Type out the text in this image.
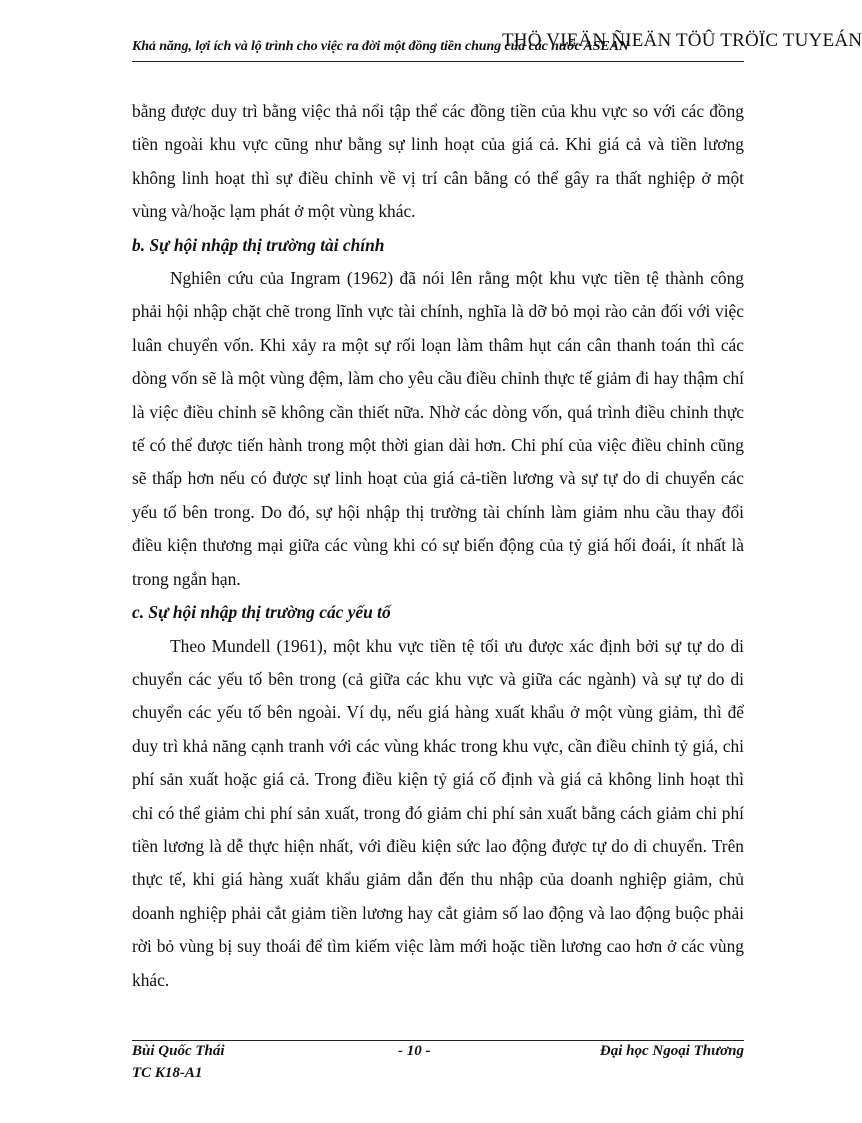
Khả năng, lợi ích và lộ trình cho việc ra đời một đồng tiền chung của các nước ASEAN
THÖ VIEÄN ÑIEÄN TÖÛ TRÖÏC TUYEÁN

bằng được duy trì bằng việc thả nổi tập thể các đồng tiền của khu vực so với các đồng tiền ngoài khu vực cũng như bằng sự linh hoạt của giá cả. Khi giá cả và tiền lương không linh hoạt thì sự điều chỉnh về vị trí cân bằng có thể gây ra thất nghiệp ở một vùng và/hoặc lạm phát ở một vùng khác.

b. Sự hội nhập thị trường tài chính

Nghiên cứu của Ingram (1962) đã nói lên rằng một khu vực tiền tệ thành công phải hội nhập chặt chẽ trong lĩnh vực tài chính, nghĩa là dỡ bỏ mọi rào cản đối với việc luân chuyển vốn. Khi xảy ra một sự rối loạn làm thâm hụt cán cân thanh toán thì các dòng vốn sẽ là một vùng đệm, làm cho yêu cầu điều chỉnh thực tế giảm đi hay thậm chí là việc điều chỉnh sẽ không cần thiết nữa. Nhờ các dòng vốn, quá trình điều chỉnh thực tế có thể được tiến hành trong một thời gian dài hơn. Chi phí của việc điều chỉnh cũng sẽ thấp hơn nếu có được sự linh hoạt của giá cả-tiền lương và sự tự do di chuyển các yếu tố bên trong. Do đó, sự hội nhập thị trường tài chính làm giảm nhu cầu thay đổi điều kiện thương mại giữa các vùng khi có sự biến động của tỷ giá hối đoái, ít nhất là trong ngắn hạn.

c. Sự hội nhập thị trường các yếu tố

Theo Mundell (1961), một khu vực tiền tệ tối ưu được xác định bởi sự tự do di chuyển các yếu tố bên trong (cả giữa các khu vực và giữa các ngành) và sự tự do di chuyển các yếu tố bên ngoài. Ví dụ, nếu giá hàng xuất khẩu ở một vùng giảm, thì để duy trì khả năng cạnh tranh với các vùng khác trong khu vực, cần điều chỉnh tỷ giá, chi phí sản xuất hoặc giá cả. Trong điều kiện tỷ giá cố định và giá cả không linh hoạt thì chỉ có thể giảm chi phí sản xuất, trong đó giảm chi phí sản xuất bằng cách giảm chi phí tiền lương là dễ thực hiện nhất, với điều kiện sức lao động được tự do di chuyển. Trên thực tế, khi giá hàng xuất khẩu giảm dẫn đến thu nhập của doanh nghiệp giảm, chủ doanh nghiệp phải cắt giảm tiền lương hay cắt giảm số lao động và lao động buộc phải rời bỏ vùng bị suy thoái để tìm kiếm việc làm mới hoặc tiền lương cao hơn ở các vùng khác.

Bùi Quốc Thái
TC K18-A1
- 10 -	Đại học Ngoại Thương
